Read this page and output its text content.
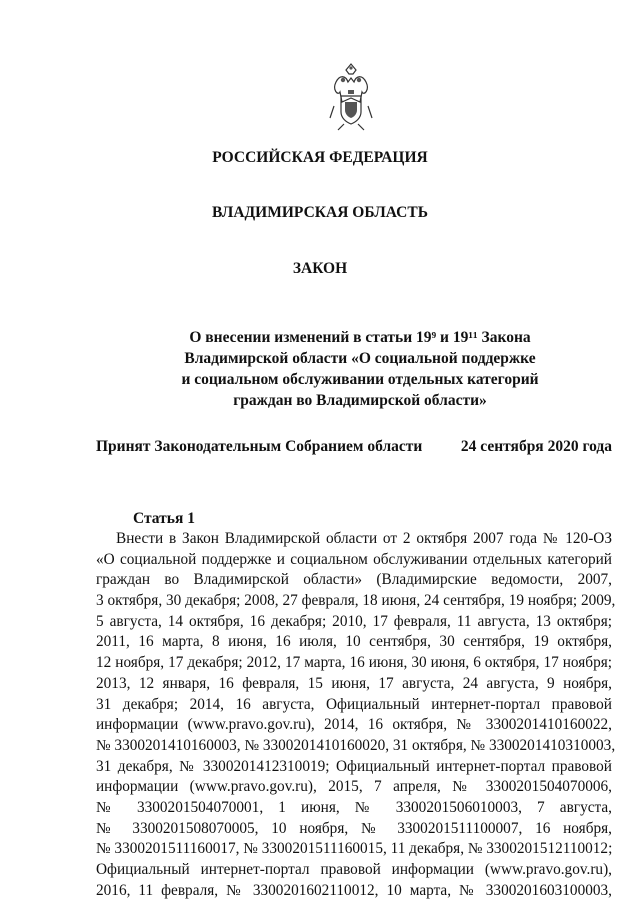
РОССИЙСКАЯ ФЕДЕРАЦИЯ
ВЛАДИМИРСКАЯ ОБЛАСТЬ
ЗАКОН
О внесении изменений в статьи 19⁹ и 19¹¹ Закона
Владимирской области «О социальной поддержке
и социальном обслуживании отдельных категорий
граждан во Владимирской области»
Принят Законодательным Собранием области 24 сентября 2020 года
Статья 1
Внести в Закон Владимирской области от 2 октября 2007 года № 120-ОЗ
«О социальной поддержке и социальном обслуживании отдельных категорий
граждан во Владимирской области» (Владимирские ведомости, 2007,
3 октября, 30 декабря; 2008, 27 февраля, 18 июня, 24 сентября, 19 ноября; 2009,
5 августа, 14 октября, 16 декабря; 2010, 17 февраля, 11 августа, 13 октября;
2011, 16 марта, 8 июня, 16 июля, 10 сентября, 30 сентября, 19 октября,
12 ноября, 17 декабря; 2012, 17 марта, 16 июня, 30 июня, 6 октября, 17 ноября;
2013, 12 января, 16 февраля, 15 июня, 17 августа, 24 августа, 9 ноября,
31 декабря; 2014, 16 августа, Официальный интернет-портал правовой
информации (www.pravo.gov.ru), 2014, 16 октября, № 3300201410160022,
№ 3300201410160003, № 3300201410160020, 31 октября, № 3300201410310003,
31 декабря, № 3300201412310019; Официальный интернет-портал правовой
информации (www.pravo.gov.ru), 2015, 7 апреля, № 3300201504070006,
№ 3300201504070001, 1 июня, № 3300201506010003, 7 августа,
№ 3300201508070005, 10 ноября, № 3300201511100007, 16 ноября,
№ 3300201511160017, № 3300201511160015, 11 декабря, № 3300201512110012;
Официальный интернет-портал правовой информации (www.pravo.gov.ru),
2016, 11 февраля, № 3300201602110012, 10 марта, № 3300201603100003,
